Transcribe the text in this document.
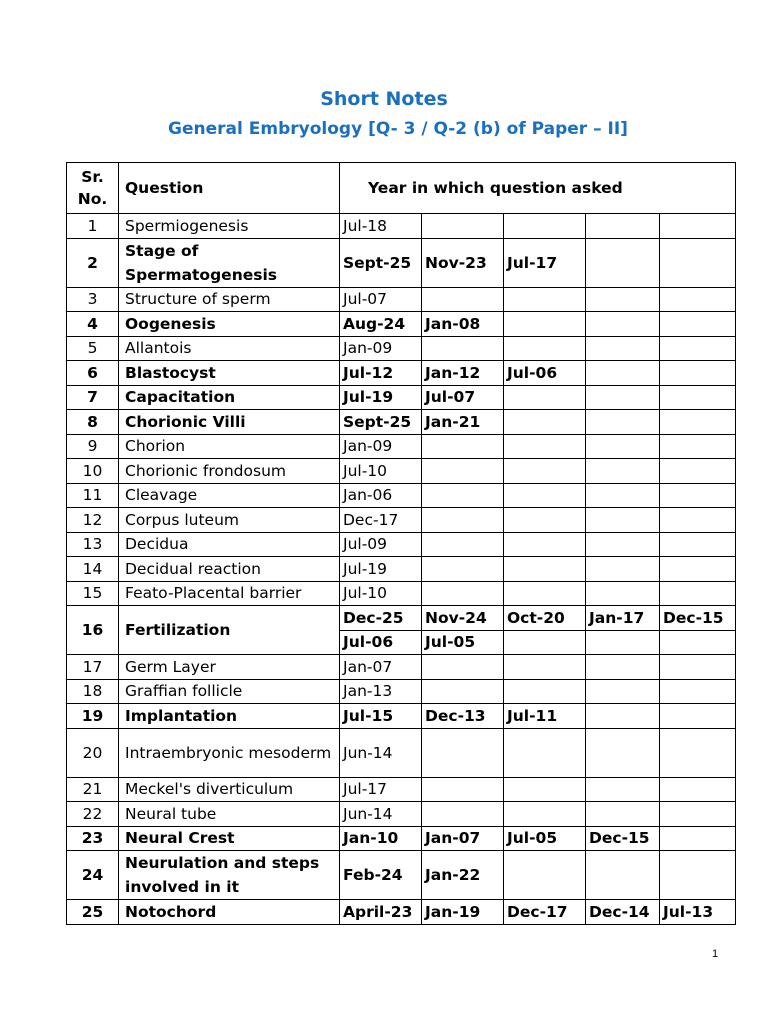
Short Notes
General Embryology [Q- 3 / Q-2 (b) of Paper – II]
Sr.
No.	Question	Year in which question asked				
1	Spermiogenesis	Jul-18				
2	Stage of Spermatogenesis	Sept-25	Nov-23	Jul-17		
3	Structure of sperm	Jul-07				
4	Oogenesis	Aug-24	Jan-08			
5	Allantois	Jan-09				
6	Blastocyst	Jul-12	Jan-12	Jul-06		
7	Capacitation	Jul-19	Jul-07			
8	Chorionic Villi	Sept-25	Jan-21			
9	Chorion	Jan-09				
10	Chorionic frondosum	Jul-10				
11	Cleavage	Jan-06				
12	Corpus luteum	Dec-17				
13	Decidua	Jul-09				
14	Decidual reaction	Jul-19				
15	Feato-Placental barrier	Jul-10				
16	Fertilization	Dec-25	Nov-24	Oct-20	Jan-17	Dec-15
		Jul-06	Jul-05			
17	Germ Layer	Jan-07				
18	Graffian follicle	Jan-13				
19	Implantation	Jul-15	Dec-13	Jul-11		
20	Intraembryonic mesoderm	Jun-14				
21	Meckel's diverticulum	Jul-17				
22	Neural tube	Jun-14				
23	Neural Crest	Jan-10	Jan-07	Jul-05	Dec-15	
24	Neurulation and steps involved in it	Feb-24	Jan-22			
25	Notochord	April-23	Jan-19	Dec-17	Dec-14	Jul-13
1
